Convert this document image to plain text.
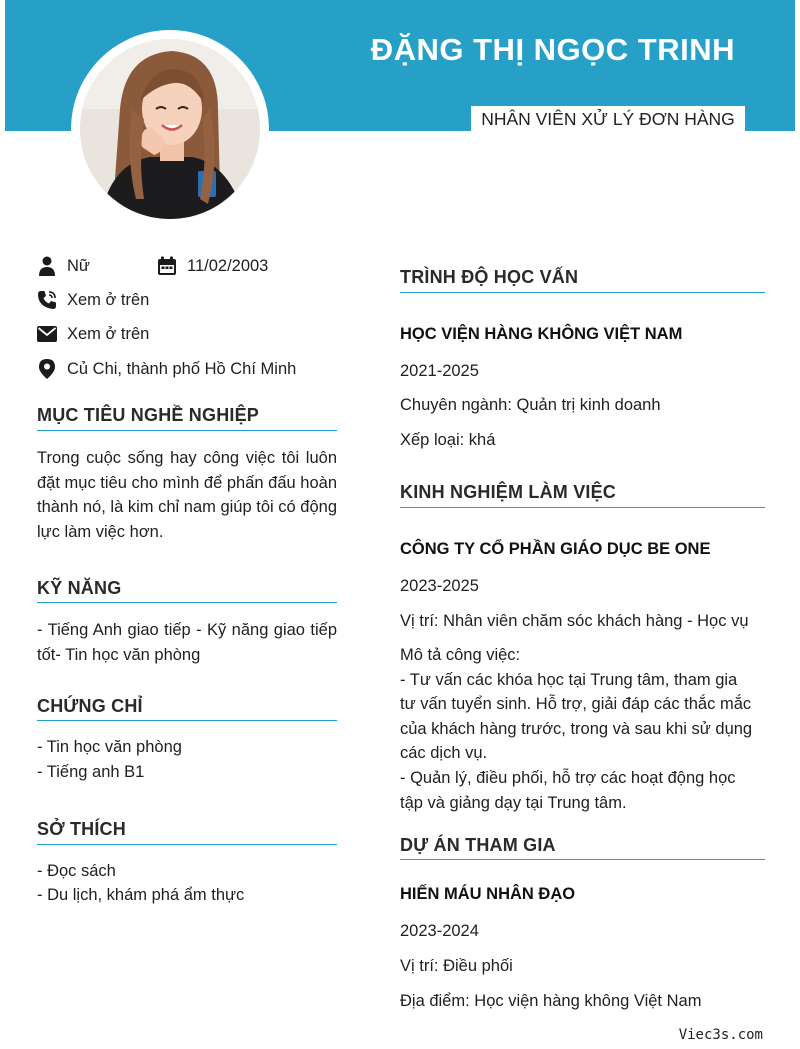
ĐẶNG THỊ NGỌC TRINH
NHÂN VIÊN XỬ LÝ ĐƠN HÀNG
Nữ	11/02/2003
Xem ở trên
Xem ở trên
Củ Chi, thành phố Hồ Chí Minh
MỤC TIÊU NGHỀ NGHIỆP
Trong cuộc sống hay công việc tôi luôn đặt mục tiêu cho mình để phấn đấu hoàn thành nó, là kim chỉ nam giúp tôi có động lực làm việc hơn.
KỸ NĂNG
- Tiếng Anh giao tiếp - Kỹ năng giao tiếp tốt- Tin học văn phòng
CHỨNG CHỈ
- Tin học văn phòng
- Tiếng anh B1
SỞ THÍCH
- Đọc sách
- Du lịch, khám phá ẩm thực
TRÌNH ĐỘ HỌC VẤN
HỌC VIỆN HÀNG KHÔNG VIỆT NAM
2021-2025
Chuyên ngành: Quản trị kinh doanh
Xếp loại: khá
KINH NGHIỆM LÀM VIỆC
CÔNG TY CỔ PHẦN GIÁO DỤC BE ONE
2023-2025
Vị trí: Nhân viên chăm sóc khách hàng - Học vụ
Mô tả công việc:
- Tư vấn các khóa học tại Trung tâm, tham gia
tư vấn tuyển sinh. Hỗ trợ, giải đáp các thắc mắc
của khách hàng trước, trong và sau khi sử dụng
các dịch vụ.
- Quản lý, điều phối, hỗ trợ các hoạt động học
tập và giảng dạy tại Trung tâm.
DỰ ÁN THAM GIA
HIẾN MÁU NHÂN ĐẠO
2023-2024
Vị trí: Điều phối
Địa điểm: Học viện hàng không Việt Nam
Viec3s.com
